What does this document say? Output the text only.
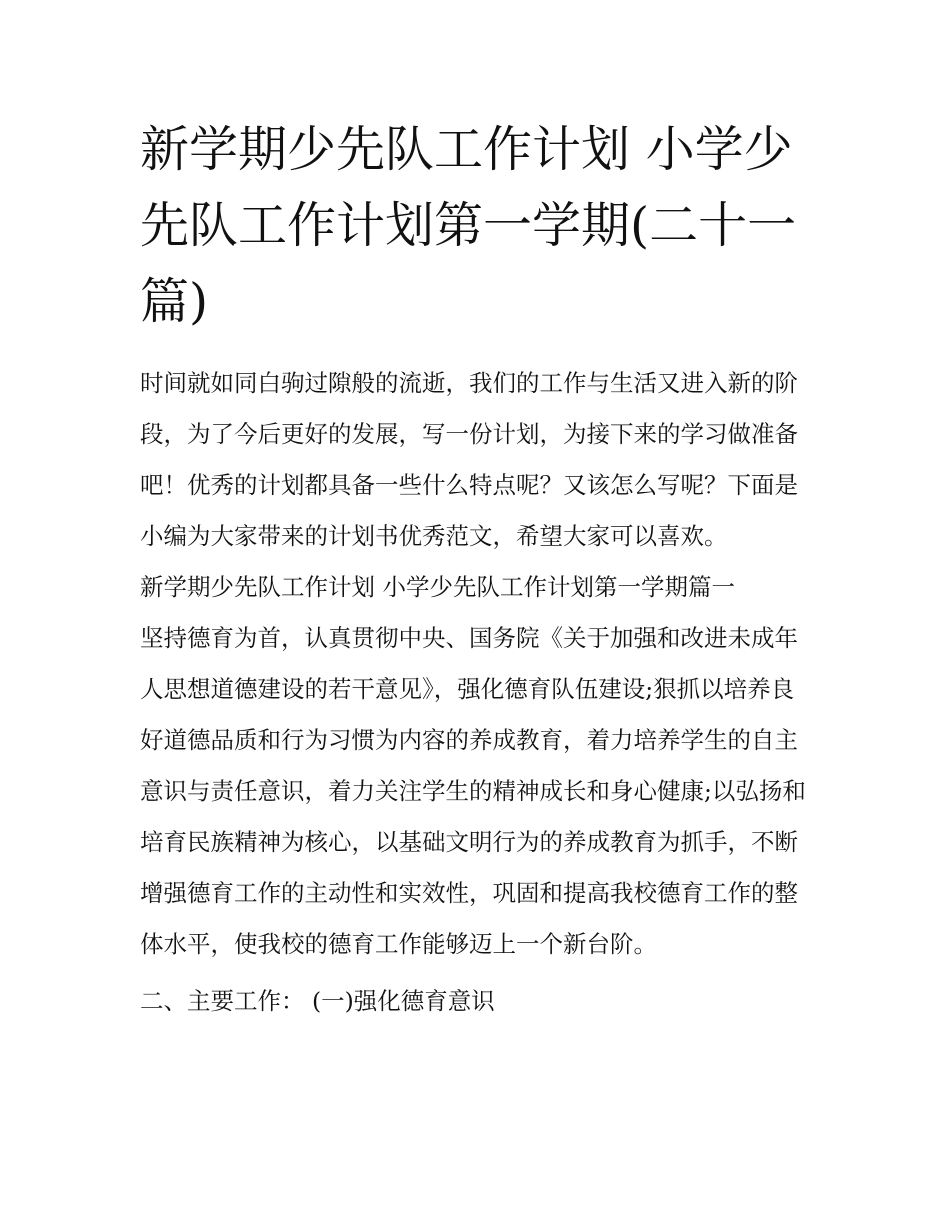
新学期少先队工作计划 小学少先队工作计划第一学期(二十一篇)

时间就如同白驹过隙般的流逝，我们的工作与生活又进入新的阶段，为了今后更好的发展，写一份计划，为接下来的学习做准备吧！优秀的计划都具备一些什么特点呢？又该怎么写呢？下面是小编为大家带来的计划书优秀范文，希望大家可以喜欢。

新学期少先队工作计划 小学少先队工作计划第一学期篇一

坚持德育为首，认真贯彻中央、国务院《关于加强和改进未成年人思想道德建设的若干意见》，强化德育队伍建设;狠抓以培养良好道德品质和行为习惯为内容的养成教育，着力培养学生的自主意识与责任意识，着力关注学生的精神成长和身心健康;以弘扬和培育民族精神为核心，以基础文明行为的养成教育为抓手，不断增强德育工作的主动性和实效性，巩固和提高我校德育工作的整体水平，使我校的德育工作能够迈上一个新台阶。

二、主要工作： (一)强化德育意识
